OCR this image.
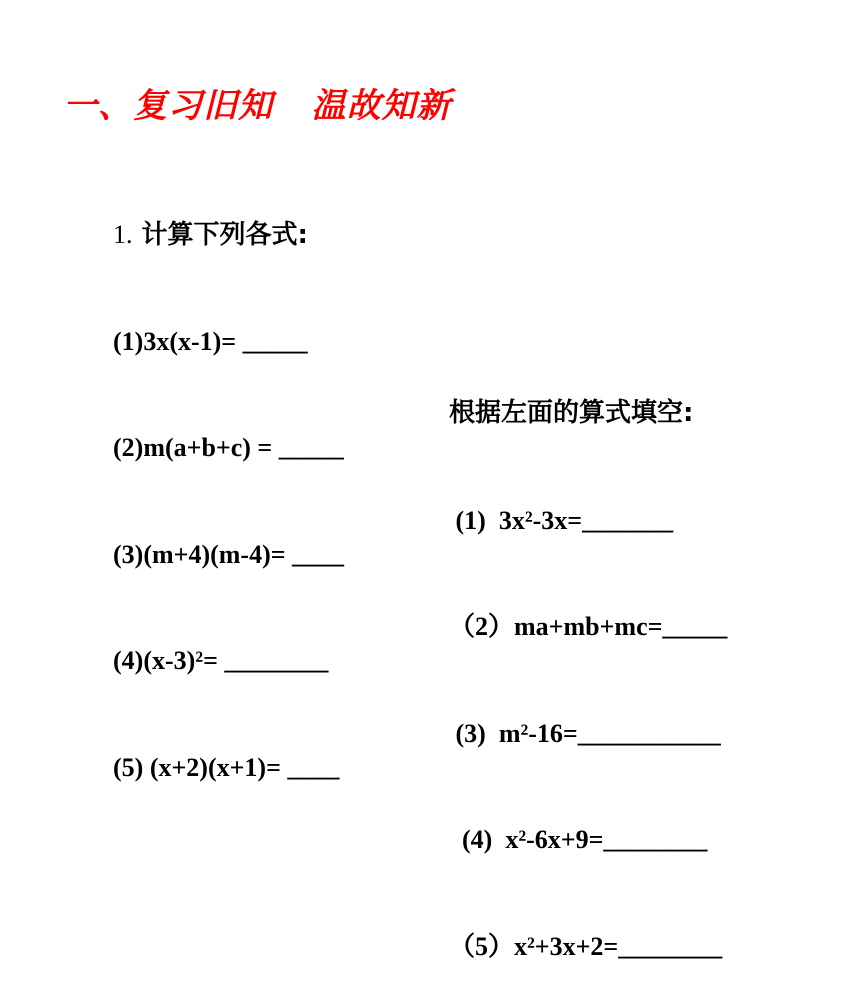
一、复习旧知   温故知新

1. 计算下列各式:

(1)3x(x-1)= _____

(2)m(a+b+c) = _____

(3)(m+4)(m-4)= ____

(4)(x-3)²= ________

(5) (x+2)(x+1)= ____

根据左面的算式填空:

(1)  3x²-3x=_______

（2）ma+mb+mc=_____

(3)  m²-16=___________

(4)  x²-6x+9=________

（5）x²+3x+2=________
